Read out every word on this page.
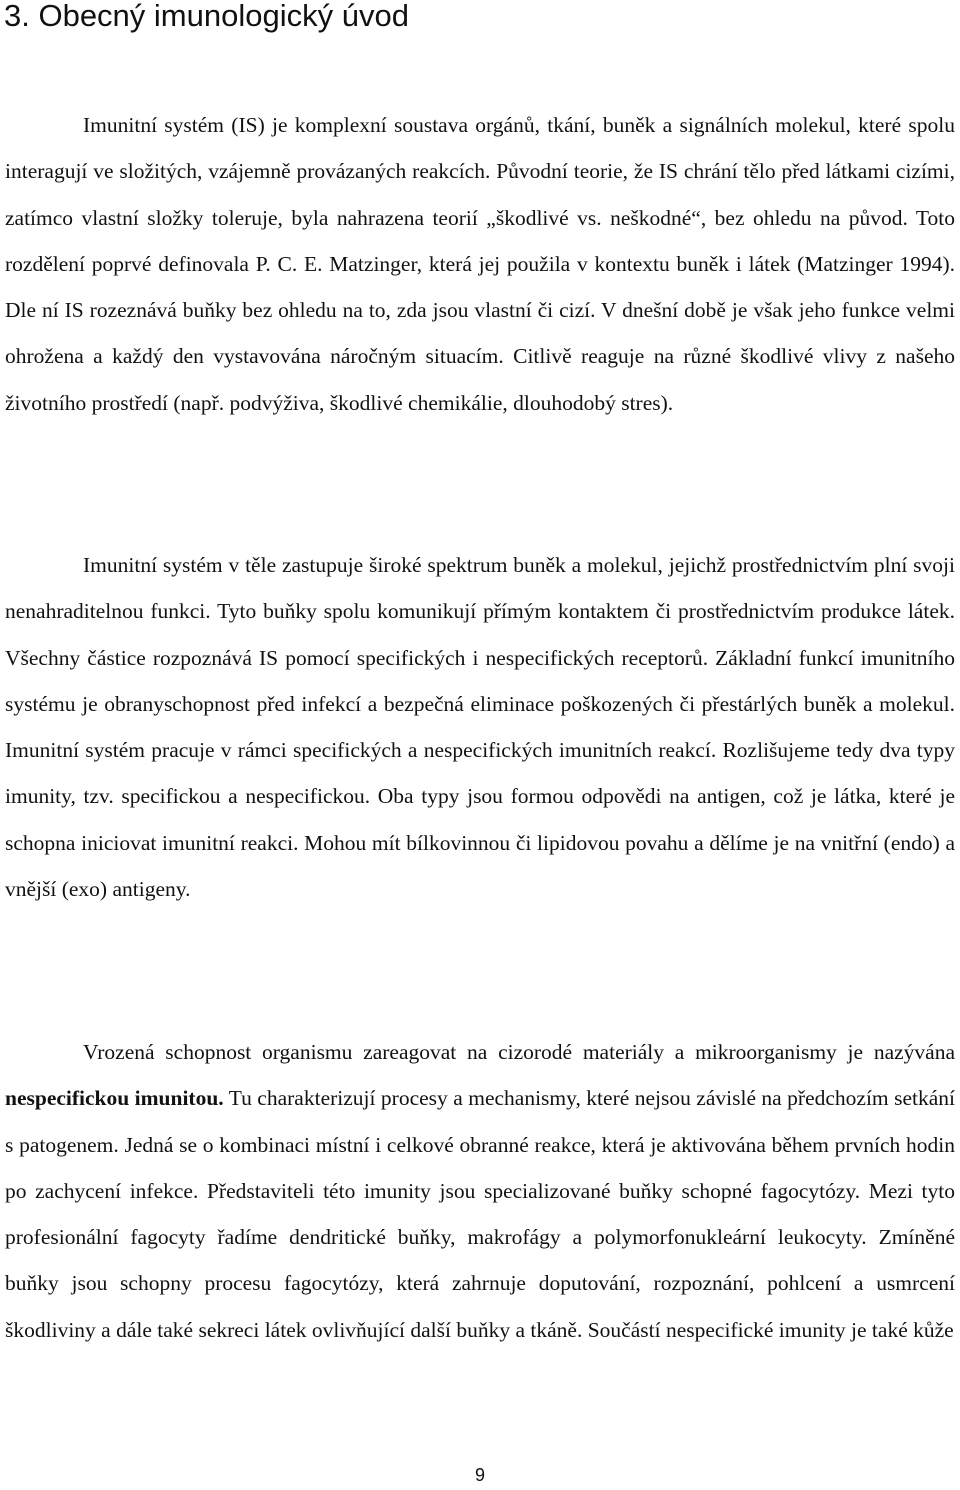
3. Obecný imunologický úvod

Imunitní systém (IS) je komplexní soustava orgánů, tkání, buněk a signálních molekul, které spolu interagují ve složitých, vzájemně provázaných reakcích. Původní teorie, že IS chrání tělo před látkami cizími, zatímco vlastní složky toleruje, byla nahrazena teorií „škodlivé vs. neškodné“, bez ohledu na původ. Toto rozdělení poprvé definovala P. C. E. Matzinger, která jej použila v kontextu buněk i látek (Matzinger 1994). Dle ní IS rozeznává buňky bez ohledu na to, zda jsou vlastní či cizí. V dnešní době je však jeho funkce velmi ohrožena a každý den vystavována náročným situacím. Citlivě reaguje na různé škodlivé vlivy z našeho životního prostředí (např. podvýživa, škodlivé chemikálie, dlouhodobý stres).

Imunitní systém v těle zastupuje široké spektrum buněk a molekul, jejichž prostřednictvím plní svoji nenahraditelnou funkci. Tyto buňky spolu komunikují přímým kontaktem či prostřednictvím produkce látek. Všechny částice rozpoznává IS pomocí specifických i nespecifických receptorů. Základní funkcí imunitního systému je obranyschopnost před infekcí a bezpečná eliminace poškozených či přestárlých buněk a molekul. Imunitní systém pracuje v rámci specifických a nespecifických imunitních reakcí. Rozlišujeme tedy dva typy imunity, tzv. specifickou a nespecifickou. Oba typy jsou formou odpovědi na antigen, což je látka, které je schopna iniciovat imunitní reakci. Mohou mít bílkovinnou či lipidovou povahu a dělíme je na vnitřní (endo) a vnější (exo) antigeny.

Vrozená schopnost organismu zareagovat na cizorodé materiály a mikroorganismy je nazývána nespecifickou imunitou. Tu charakterizují procesy a mechanismy, které nejsou závislé na předchozím setkání s patogenem. Jedná se o kombinaci místní i celkové obranné reakce, která je aktivována během prvních hodin po zachycení infekce. Představiteli této imunity jsou specializované buňky schopné fagocytózy. Mezi tyto profesionální fagocyty řadíme dendritické buňky, makrofágy a polymorfonukleární leukocyty. Zmíněné buňky jsou schopny procesu fagocytózy, která zahrnuje doputování, rozpoznání, pohlcení a usmrcení škodliviny a dále také sekreci látek ovlivňující další buňky a tkáně. Součástí nespecifické imunity je také kůže

9
